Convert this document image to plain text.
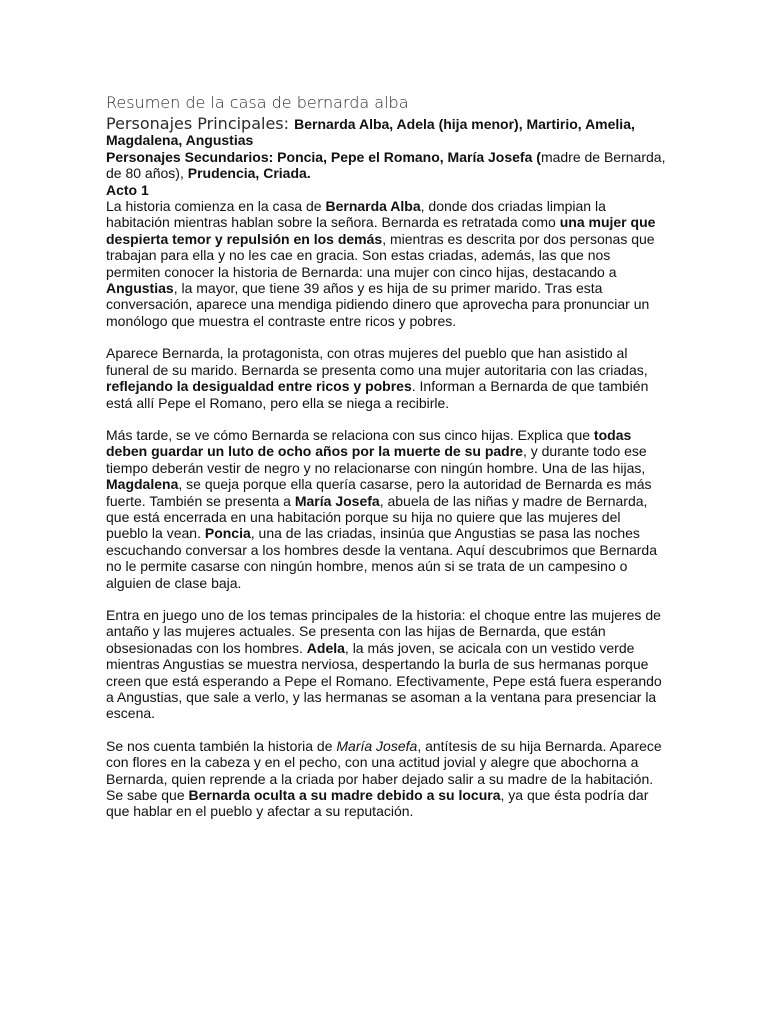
Resumen de la casa de bernarda alba
Personajes Principales: Bernarda Alba, Adela (hija menor), Martirio, Amelia, Magdalena, Angustias
Personajes Secundarios: Poncia, Pepe el Romano, María Josefa (madre de Bernarda, de 80 años), Prudencia, Criada.
Acto 1

La historia comienza en la casa de Bernarda Alba, donde dos criadas limpian la habitación mientras hablan sobre la señora. Bernarda es retratada como una mujer que despierta temor y repulsión en los demás, mientras es descrita por dos personas que trabajan para ella y no les cae en gracia. Son estas criadas, además, las que nos permiten conocer la historia de Bernarda: una mujer con cinco hijas, destacando a Angustias, la mayor, que tiene 39 años y es hija de su primer marido. Tras esta conversación, aparece una mendiga pidiendo dinero que aprovecha para pronunciar un monólogo que muestra el contraste entre ricos y pobres.

Aparece Bernarda, la protagonista, con otras mujeres del pueblo que han asistido al funeral de su marido. Bernarda se presenta como una mujer autoritaria con las criadas, reflejando la desigualdad entre ricos y pobres. Informan a Bernarda de que también está allí Pepe el Romano, pero ella se niega a recibirle.

Más tarde, se ve cómo Bernarda se relaciona con sus cinco hijas. Explica que todas deben guardar un luto de ocho años por la muerte de su padre, y durante todo ese tiempo deberán vestir de negro y no relacionarse con ningún hombre. Una de las hijas, Magdalena, se queja porque ella quería casarse, pero la autoridad de Bernarda es más fuerte. También se presenta a María Josefa, abuela de las niñas y madre de Bernarda, que está encerrada en una habitación porque su hija no quiere que las mujeres del pueblo la vean. Poncia, una de las criadas, insinúa que Angustias se pasa las noches escuchando conversar a los hombres desde la ventana. Aquí descubrimos que Bernarda no le permite casarse con ningún hombre, menos aún si se trata de un campesino o alguien de clase baja.

Entra en juego uno de los temas principales de la historia: el choque entre las mujeres de antaño y las mujeres actuales. Se presenta con las hijas de Bernarda, que están obsesionadas con los hombres. Adela, la más joven, se acicala con un vestido verde mientras Angustias se muestra nerviosa, despertando la burla de sus hermanas porque creen que está esperando a Pepe el Romano. Efectivamente, Pepe está fuera esperando a Angustias, que sale a verlo, y las hermanas se asoman a la ventana para presenciar la escena.

Se nos cuenta también la historia de María Josefa, antítesis de su hija Bernarda. Aparece con flores en la cabeza y en el pecho, con una actitud jovial y alegre que abochorna a Bernarda, quien reprende a la criada por haber dejado salir a su madre de la habitación. Se sabe que Bernarda oculta a su madre debido a su locura, ya que ésta podría dar que hablar en el pueblo y afectar a su reputación.
